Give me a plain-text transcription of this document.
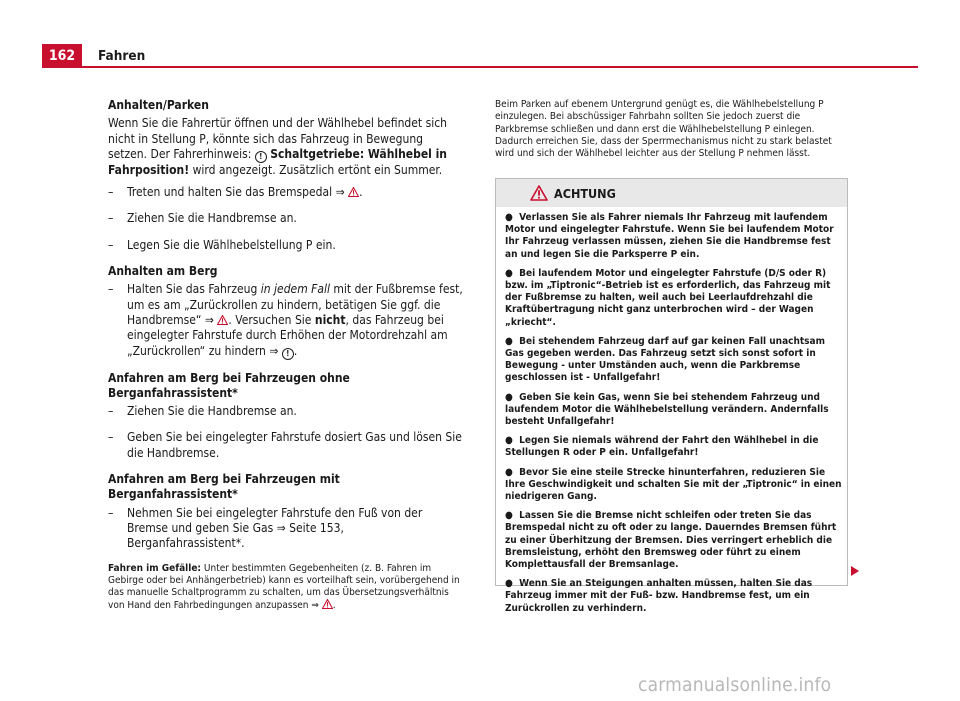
162	Fahren
Anhalten/Parken
Wenn Sie die Fahrertür öffnen und der Wählhebel befindet sich nicht in Stellung P, könnte sich das Fahrzeug in Bewegung setzen. Der Fahrerhinweis: ! Schaltgetriebe: Wählhebel in Fahrposition! wird angezeigt. Zusätzlich ertönt ein Summer.
– Treten und halten Sie das Bremspedal ⇒ .
– Ziehen Sie die Handbremse an.
– Legen Sie die Wählhebelstellung P ein.
Anhalten am Berg
– Halten Sie das Fahrzeug in jedem Fall mit der Fußbremse fest, um es am „Zurückrollen zu hindern, betätigen Sie ggf. die Handbremse“ ⇒ . Versuchen Sie nicht, das Fahrzeug bei eingelegter Fahrstufe durch Erhöhen der Motordrehzahl am „Zurückrollen“ zu hindern ⇒ ! .
Anfahren am Berg bei Fahrzeugen ohne Berganfahrassistent*
– Ziehen Sie die Handbremse an.
– Geben Sie bei eingelegter Fahrstufe dosiert Gas und lösen Sie die Handbremse.
Anfahren am Berg bei Fahrzeugen mit Berganfahrassistent*
– Nehmen Sie bei eingelegter Fahrstufe den Fuß von der Bremse und geben Sie Gas ⇒ Seite 153, Berganfahrassistent*.
Fahren im Gefälle: Unter bestimmten Gegebenheiten (z. B. Fahren im Gebirge oder bei Anhängerbetrieb) kann es vorteilhaft sein, vorübergehend in das manuelle Schaltprogramm zu schalten, um das Übersetzungsverhältnis von Hand den Fahrbedingungen anzupassen ⇒ .
Beim Parken auf ebenem Untergrund genügt es, die Wählhebelstellung P einzulegen. Bei abschüssiger Fahrbahn sollten Sie jedoch zuerst die Parkbremse schließen und dann erst die Wählhebelstellung P einlegen. Dadurch erreichen Sie, dass der Sperrmechanismus nicht zu stark belastet wird und sich der Wählhebel leichter aus der Stellung P nehmen lässt.
ACHTUNG
●  Verlassen Sie als Fahrer niemals Ihr Fahrzeug mit laufendem Motor und eingelegter Fahrstufe. Wenn Sie bei laufendem Motor Ihr Fahrzeug verlassen müssen, ziehen Sie die Handbremse fest an und legen Sie die Parksperre P ein.
●  Bei laufendem Motor und eingelegter Fahrstufe (D/S oder R) bzw. im „Tiptronic“-Betrieb ist es erforderlich, das Fahrzeug mit der Fußbremse zu halten, weil auch bei Leerlaufdrehzahl die Kraftübertragung nicht ganz unterbrochen wird – der Wagen „kriecht“.
●  Bei stehendem Fahrzeug darf auf gar keinen Fall unachtsam Gas gegeben werden. Das Fahrzeug setzt sich sonst sofort in Bewegung - unter Umständen auch, wenn die Parkbremse geschlossen ist - Unfallgefahr!
●  Geben Sie kein Gas, wenn Sie bei stehendem Fahrzeug und laufendem Motor die Wählhebelstellung verändern. Andernfalls besteht Unfallgefahr!
●  Legen Sie niemals während der Fahrt den Wählhebel in die Stellungen R oder P ein. Unfallgefahr!
●  Bevor Sie eine steile Strecke hinunterfahren, reduzieren Sie Ihre Geschwindigkeit und schalten Sie mit der „Tiptronic“ in einen niedrigeren Gang.
●  Lassen Sie die Bremse nicht schleifen oder treten Sie das Bremspedal nicht zu oft oder zu lange. Dauerndes Bremsen führt zu einer Überhitzung der Bremsen. Dies verringert erheblich die Bremsleistung, erhöht den Bremsweg oder führt zu einem Komplettausfall der Bremsanlage.
●  Wenn Sie an Steigungen anhalten müssen, halten Sie das Fahrzeug immer mit der Fuß- bzw. Handbremse fest, um ein Zurückrollen zu verhindern.
carmanualsonline.info
